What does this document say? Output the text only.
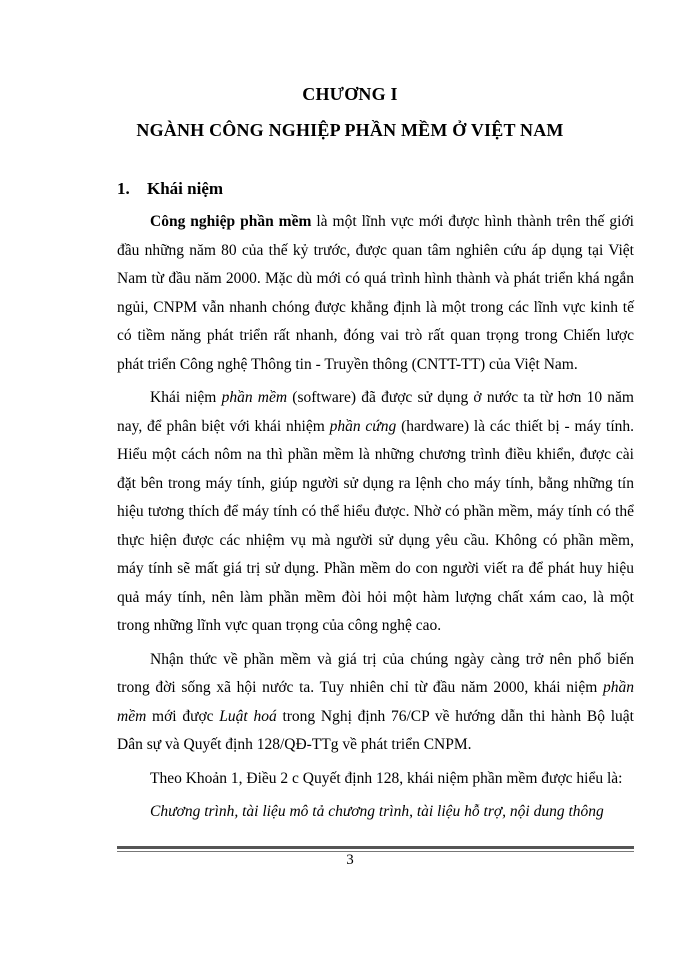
CHƯƠNG I
NGÀNH CÔNG NGHIỆP PHẦN MỀM Ở VIỆT NAM
1. Khái niệm

Công nghiệp phần mềm là một lĩnh vực mới được hình thành trên thế giới đầu những năm 80 của thế kỷ trước, được quan tâm nghiên cứu áp dụng tại Việt Nam từ đầu năm 2000. Mặc dù mới có quá trình hình thành và phát triển khá ngắn ngủi, CNPM vẫn nhanh chóng được khẳng định là một trong các lĩnh vực kinh tế có tiềm năng phát triển rất nhanh, đóng vai trò rất quan trọng trong Chiến lược phát triển Công nghệ Thông tin - Truyền thông (CNTT-TT) của Việt Nam.

Khái niệm phần mềm (software) đã được sử dụng ở nước ta từ hơn 10 năm nay, để phân biệt với khái nhiệm phần cứng (hardware) là các thiết bị - máy tính. Hiểu một cách nôm na thì phần mềm là những chương trình điều khiển, được cài đặt bên trong máy tính, giúp người sử dụng ra lệnh cho máy tính, bằng những tín hiệu tương thích để máy tính có thể hiểu được. Nhờ có phần mềm, máy tính có thể thực hiện được các nhiệm vụ mà người sử dụng yêu cầu. Không có phần mềm, máy tính sẽ mất giá trị sử dụng. Phần mềm do con người viết ra để phát huy hiệu quả máy tính, nên làm phần mềm đòi hỏi một hàm lượng chất xám cao, là một trong những lĩnh vực quan trọng của công nghệ cao.

Nhận thức về phần mềm và giá trị của chúng ngày càng trở nên phổ biến trong đời sống xã hội nước ta. Tuy nhiên chỉ từ đầu năm 2000, khái niệm phần mềm mới được Luật hoá trong Nghị định 76/CP về hướng dẫn thi hành Bộ luật Dân sự và Quyết định 128/QĐ-TTg về phát triển CNPM.

Theo Khoản 1, Điều 2 c Quyết định 128, khái niệm phần mềm được hiểu là:

Chương trình, tài liệu mô tả chương trình, tài liệu hỗ trợ, nội dung thông

3
